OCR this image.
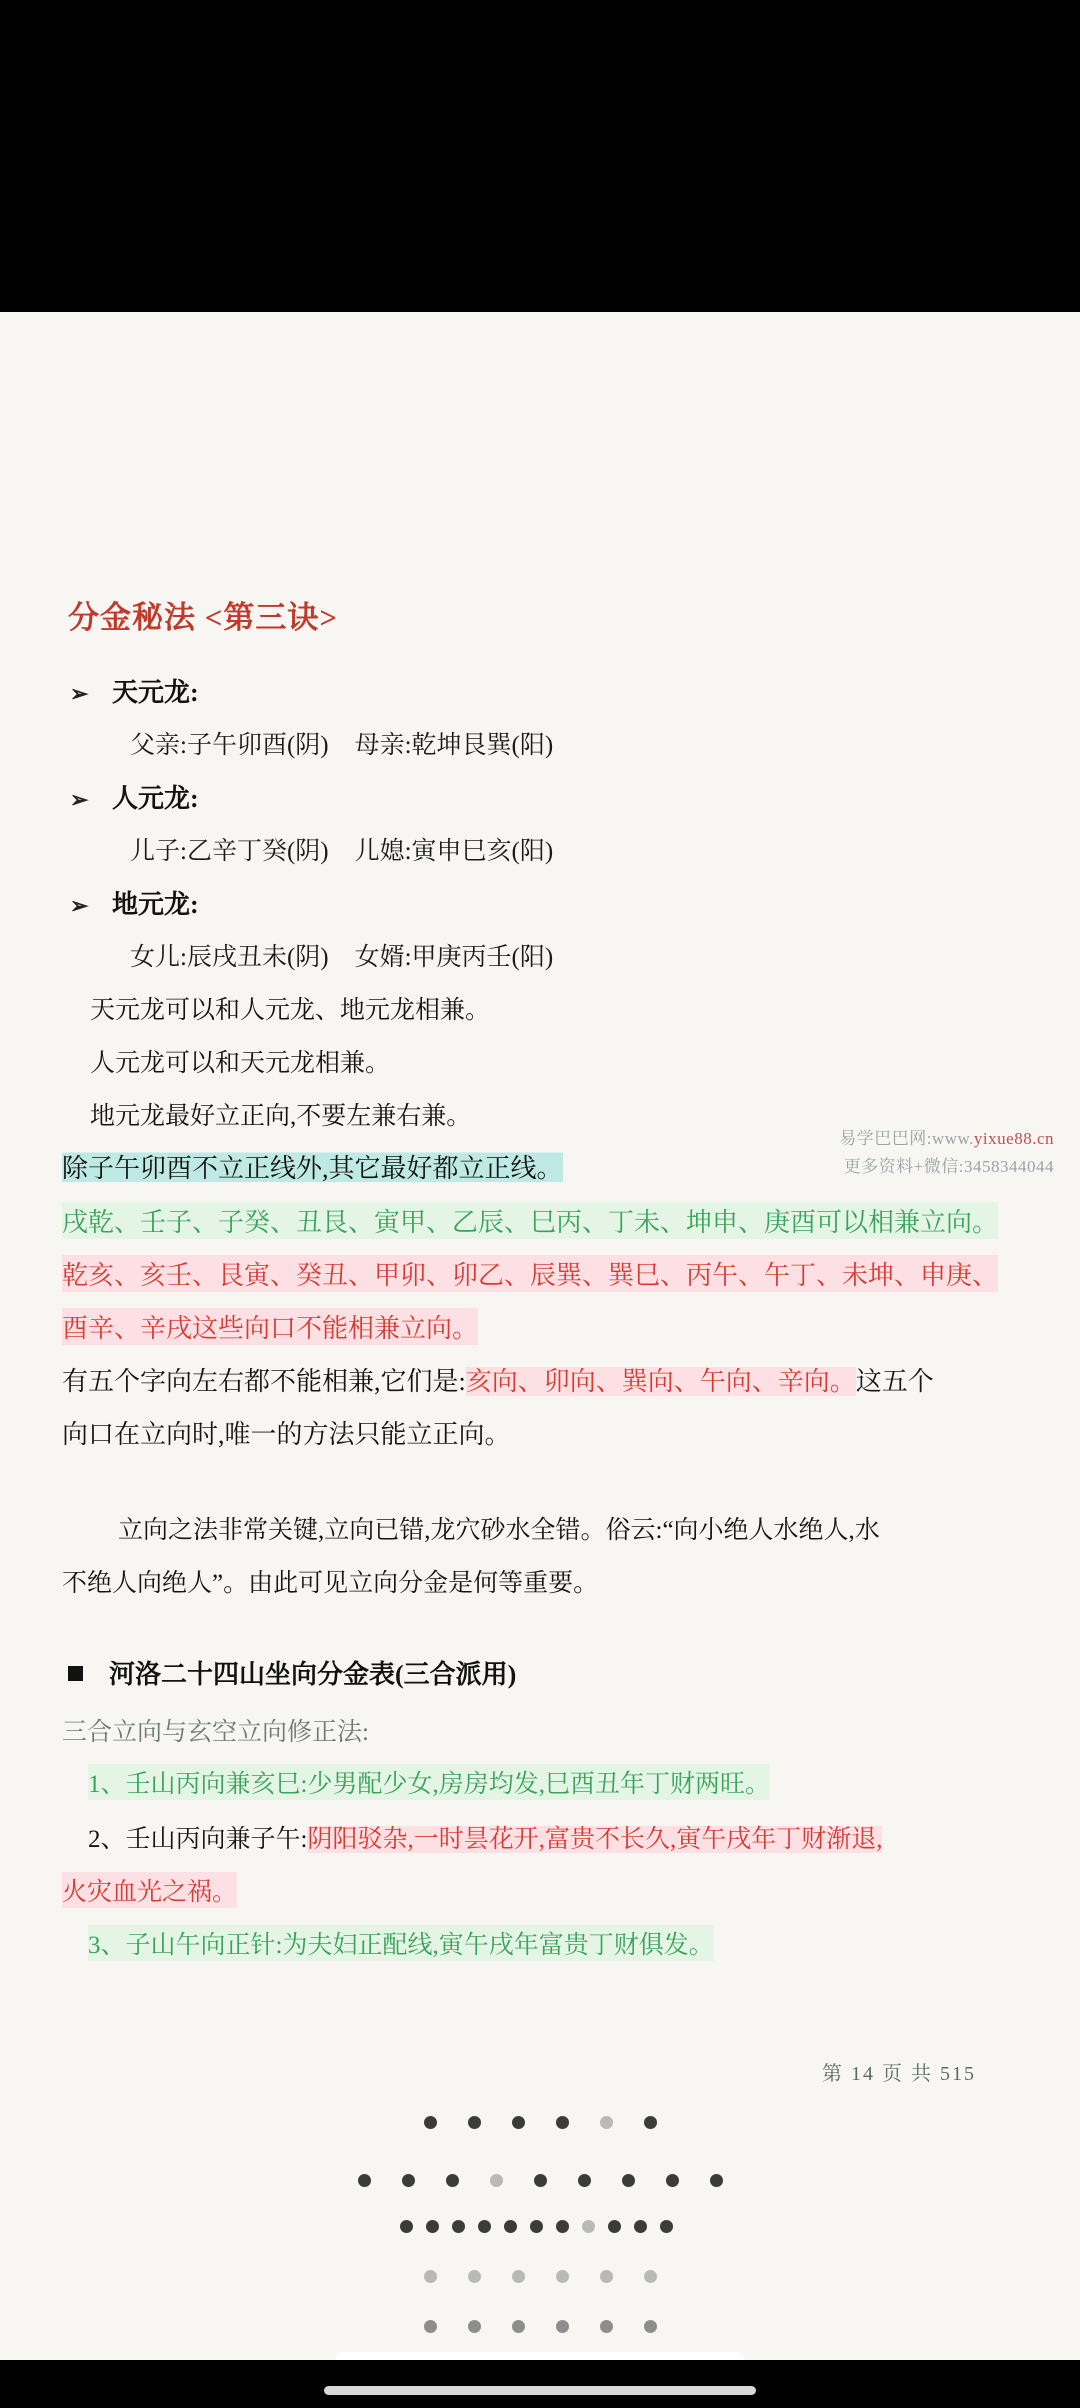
分金秘法 <第三诀>
➢ 天元龙:
父亲:子午卯酉(阴) 母亲:乾坤艮巽(阳)
➢ 人元龙:
儿子:乙辛丁癸(阴) 儿媳:寅申巳亥(阳)
➢ 地元龙:
女儿:辰戌丑未(阴) 女婿:甲庚丙壬(阳)
天元龙可以和人元龙、地元龙相兼。
人元龙可以和天元龙相兼。
地元龙最好立正向,不要左兼右兼。
易学巴巴网:www.yixue88.cn
更多资料+微信:3458344044
除子午卯酉不立正线外,其它最好都立正线。
戌乾、壬子、子癸、丑艮、寅甲、乙辰、巳丙、丁未、坤申、庚酉可以相兼立向。
乾亥、亥壬、艮寅、癸丑、甲卯、卯乙、辰巽、巽巳、丙午、午丁、未坤、申庚、
酉辛、辛戌这些向口不能相兼立向。
有五个字向左右都不能相兼,它们是:亥向、卯向、巽向、午向、辛向。这五个
向口在立向时,唯一的方法只能立正向。
立向之法非常关键,立向已错,龙穴砂水全错。俗云:“向小绝人水绝人,水
不绝人向绝人”。由此可见立向分金是何等重要。
河洛二十四山坐向分金表(三合派用)
三合立向与玄空立向修正法:
1、壬山丙向兼亥巳:少男配少女,房房均发,巳酉丑年丁财两旺。
2、壬山丙向兼子午:阴阳驳杂,一时昙花开,富贵不长久,寅午戌年丁财渐退,
火灾血光之祸。
3、子山午向正针:为夫妇正配线,寅午戌年富贵丁财俱发。
第 14 页 共 515
